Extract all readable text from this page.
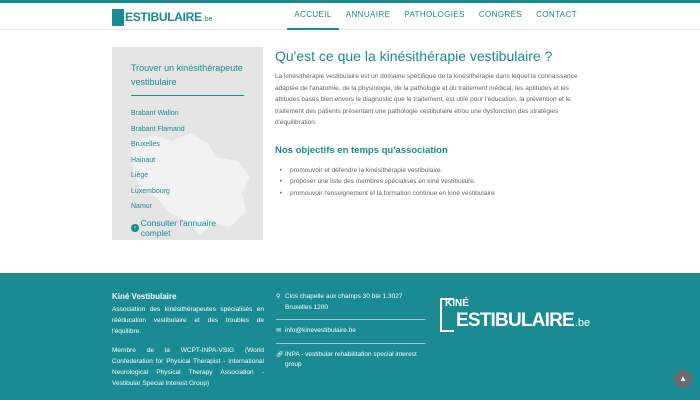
ESTIBULAIRE .be
ACCUEIL	ANNUAIRE	PATHOLOGIES	CONGRÈS	CONTACT
Trouver un kinésithérapeute vestibulaire
Brabant Wallon
Brabant Flamand
Bruxelles
Hainaut
Liège
Luxembourg
Namur
› Consulter l'annuaire complet
Qu'est ce que la kinésithérapie vestibulaire ?

La kinésithérapie vestibulaire est un domaine spécifique de la kinésithérapie dans lequel la connaissance adaptée de l'anatomie, de la physiologie, de la pathologie et du traitement médical, les aptitudes et les attitudes basés bien envers le diagnostic que le traitement, est utile pour l'éducation, la prévention et le traitement des patients présentant une pathologie vestibulaire et/ou une dysfonction des stratégies d'équilibration.

Nos objectifs en temps qu'association
▸	promouvoir et défendre la kinésithérapie vestibulaire.
▸	proposer une liste des membres spécialisés en kiné vestibulaire.
▸	promouvoir l'enseignement et la formation continue en kiné vestibulaire
Kiné Vestibulaire

Association des kinésithérapeutes spécialisés en rééducation vestibulaire et des troubles de l'équilibre.

Membre de la WCPT-INPA-VSIG (World Confederation for Physical Therapist - International Neurological Physical Therapy Association -Vestibular Special Interest Group)

⚲ Clos chapelle aux champs 30 bte 1.3027
Bruxelles 1200
✉ info@kinevestibulaire.be
🔗︎ INPA - vestibular rehabilitation special interest group
KINÉ
ESTIBULAIRE .be
▲
